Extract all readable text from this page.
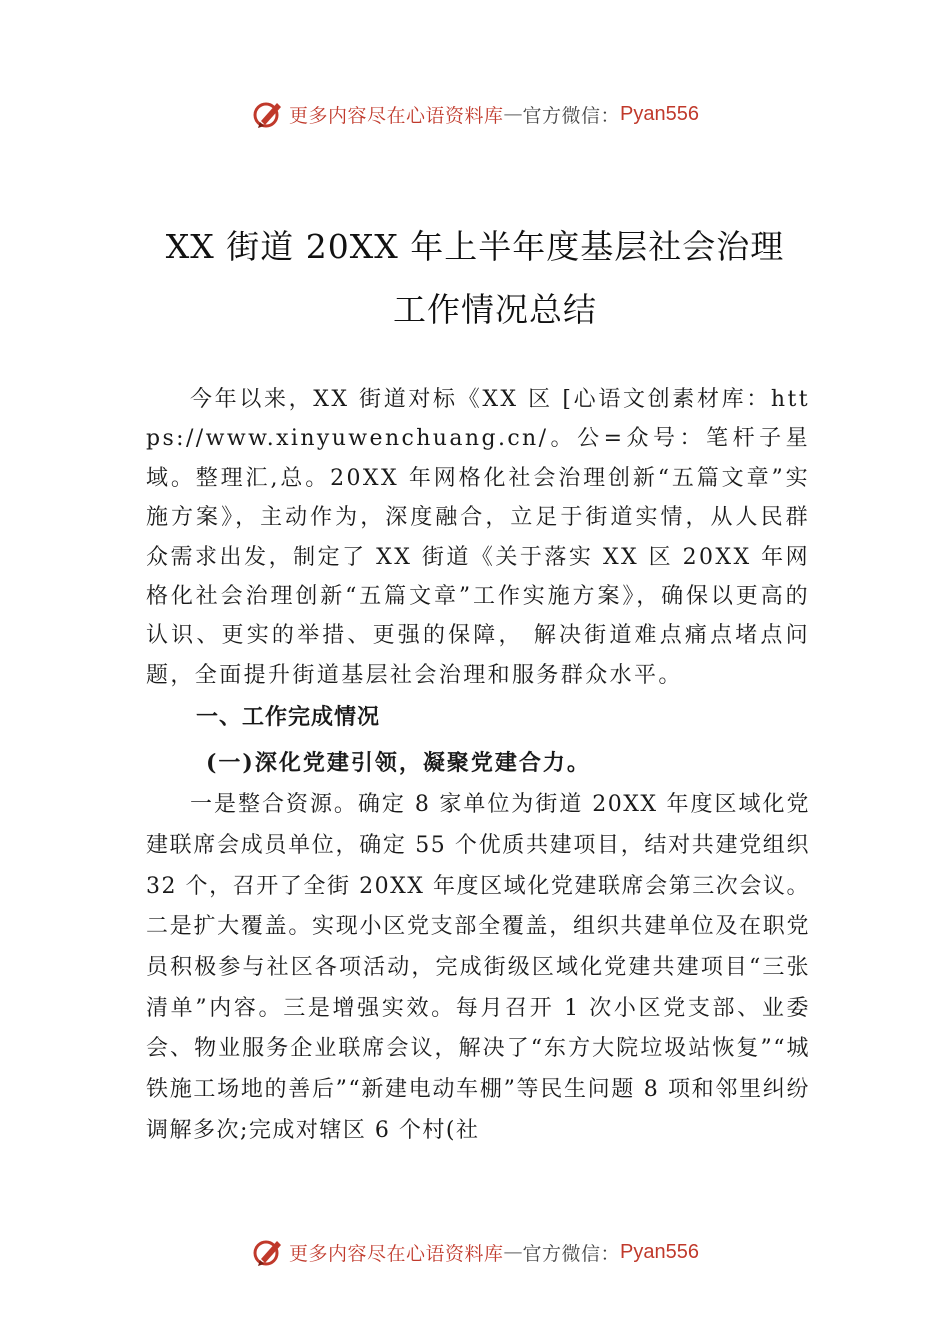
更多内容尽在心语资料库 — 官方微信： Pyan556
XX 街道 20XX 年上半年度基层社会治理
工作情况总结

今年以来，XX 街道对标《XX 区 [心语文创素材库：https://www.xinyuwenchuang.cn/。公=众号：笔杆子星域。整理汇,总。20XX 年网格化社会治理创新“五篇文章”实施方案》，主动作为，深度融合，立足于街道实情，从人民群众需求出发，制定了 XX 街道《关于落实 XX 区 20XX 年网格化社会治理创新“五篇文章”工作实施方案》，确保以更高的认识、更实的举措、更强的保障， 解决街道难点痛点堵点问题，全面提升街道基层社会治理和服务群众水平。

一、工作完成情况

(一)深化党建引领，凝聚党建合力。

一是整合资源。确定 8 家单位为街道 20XX 年度区域化党建联席会成员单位，确定 55 个优质共建项目，结对共建党组织 32 个，召开了全街 20XX 年度区域化党建联席会第三次会议。二是扩大覆盖。实现小区党支部全覆盖，组织共建单位及在职党员积极参与社区各项活动，完成街级区域化党建共建项目“三张清单”内容。三是增强实效。每月召开 1 次小区党支部、业委会、物业服务企业联席会议，解决了“东方大院垃圾站恢复”“城铁施工场地的善后”“新建电动车棚”等民生问题 8 项和邻里纠纷调解多次;完成对辖区 6 个村(社

更多内容尽在心语资料库 — 官方微信： Pyan556
